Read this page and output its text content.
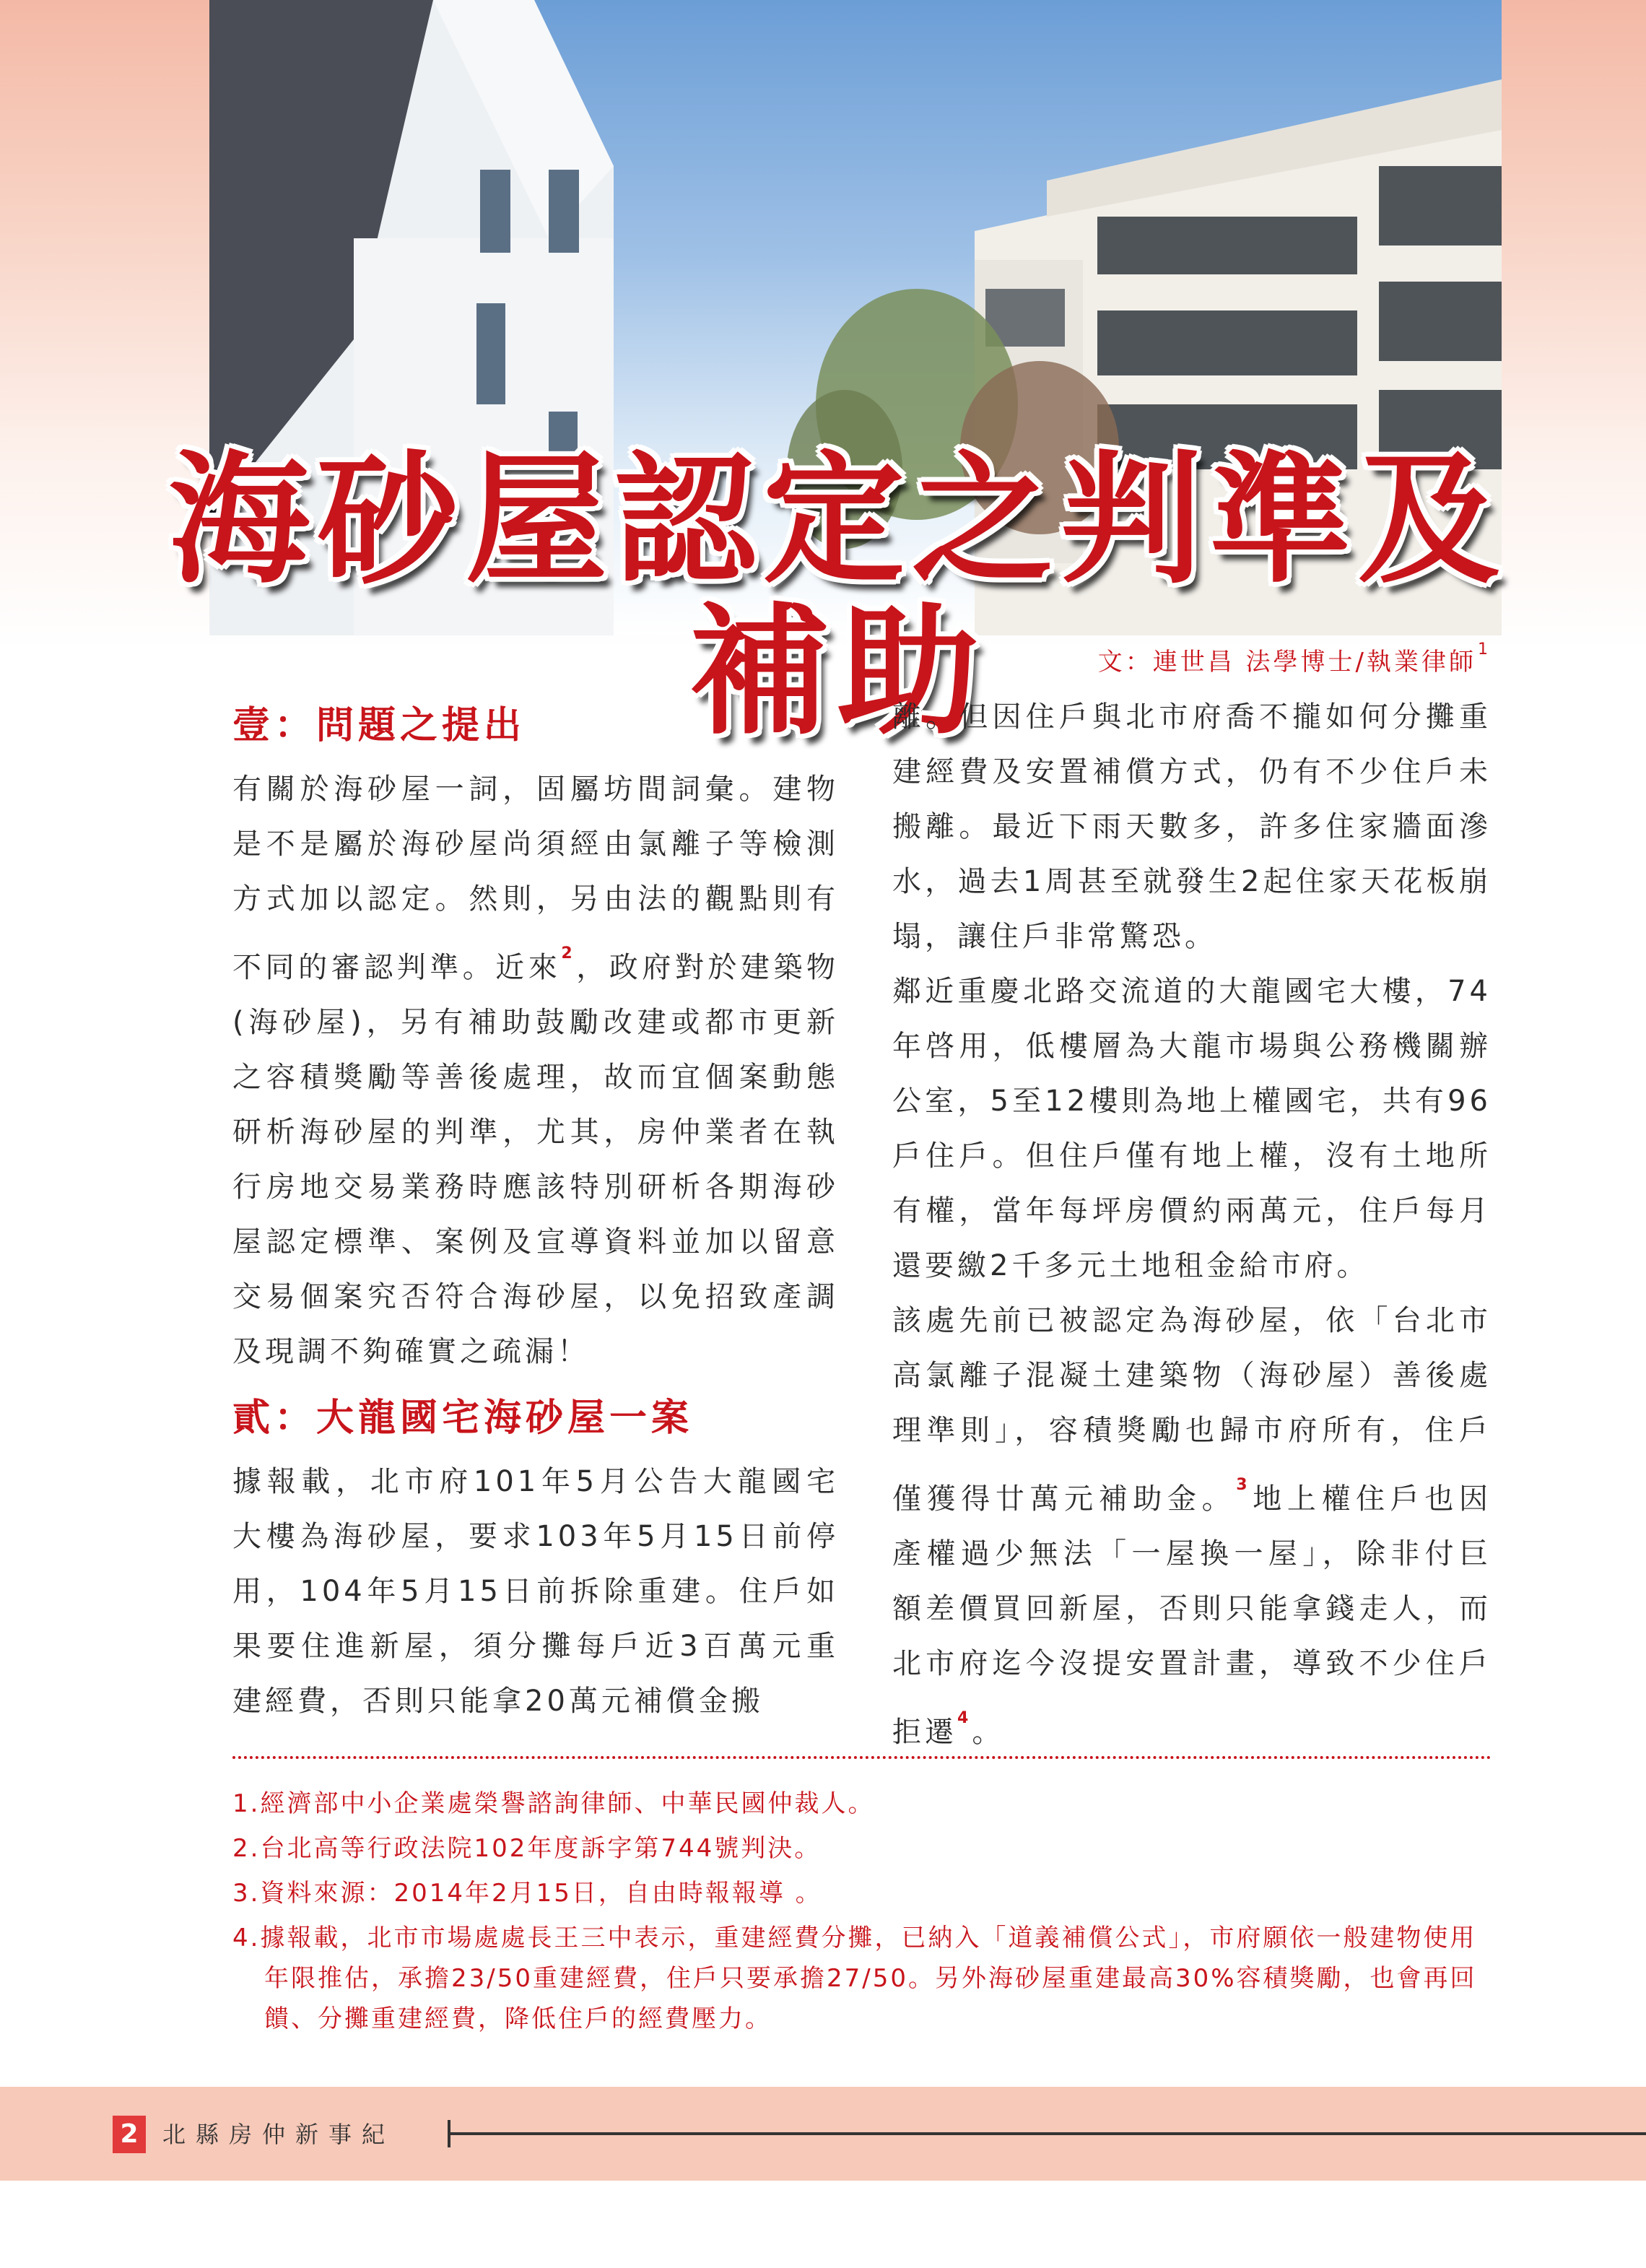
海砂屋認定之判準及補助	文：連世昌 法學博士/執業律師$^1$
壹：問題之提出

有關於海砂屋一詞，固屬坊間詞彙。建物是不是屬於海砂屋尚須經由氯離子等檢測方式加以認定。然則，另由法的觀點則有不同的審認判準。近來$^2$，政府對於建築物(海砂屋)，另有補助鼓勵改建或都市更新之容積獎勵等善後處理，故而宜個案動態研析海砂屋的判準，尤其，房仲業者在執行房地交易業務時應該特別研析各期海砂屋認定標準、案例及宣導資料並加以留意交易個案究否符合海砂屋，以免招致產調及現調不夠確實之疏漏！

貳：大龍國宅海砂屋一案

據報載，北市府101年5月公告大龍國宅大樓為海砂屋，要求103年5月15日前停用，104年5月15日前拆除重建。住戶如果要住進新屋，須分攤每戶近3百萬元重建經費，否則只能拿20萬元補償金搬

離。但因住戶與北市府喬不攏如何分攤重建經費及安置補償方式，仍有不少住戶未搬離。最近下雨天數多，許多住家牆面滲水，過去1周甚至就發生2起住家天花板崩塌，讓住戶非常驚恐。

鄰近重慶北路交流道的大龍國宅大樓，74年啓用，低樓層為大龍市場與公務機關辦公室，5至12樓則為地上權國宅，共有96戶住戶。但住戶僅有地上權，沒有土地所有權，當年每坪房價約兩萬元，住戶每月還要繳2千多元土地租金給市府。

該處先前已被認定為海砂屋，依「台北市高氯離子混凝土建築物（海砂屋）善後處理準則」，容積獎勵也歸市府所有，住戶僅獲得廿萬元補助金。$^3$地上權住戶也因產權過少無法「一屋換一屋」，除非付巨額差價買回新屋，否則只能拿錢走人，而北市府迄今沒提安置計畫，導致不少住戶拒遷$^4$。

1.經濟部中小企業處榮譽諮詢律師、中華民國仲裁人。

2.台北高等行政法院102年度訴字第744號判決。

3.資料來源：2014年2月15日，自由時報報導 。

4.據報載，北市市場處處長王三中表示，重建經費分攤，已納入「道義補償公式」，市府願依一般建物使用年限推估，承擔23/50重建經費，住戶只要承擔27/50。另外海砂屋重建最高30%容積獎勵，也會再回饋、分攤重建經費，降低住戶的經費壓力。

2	北縣房仲新事紀
